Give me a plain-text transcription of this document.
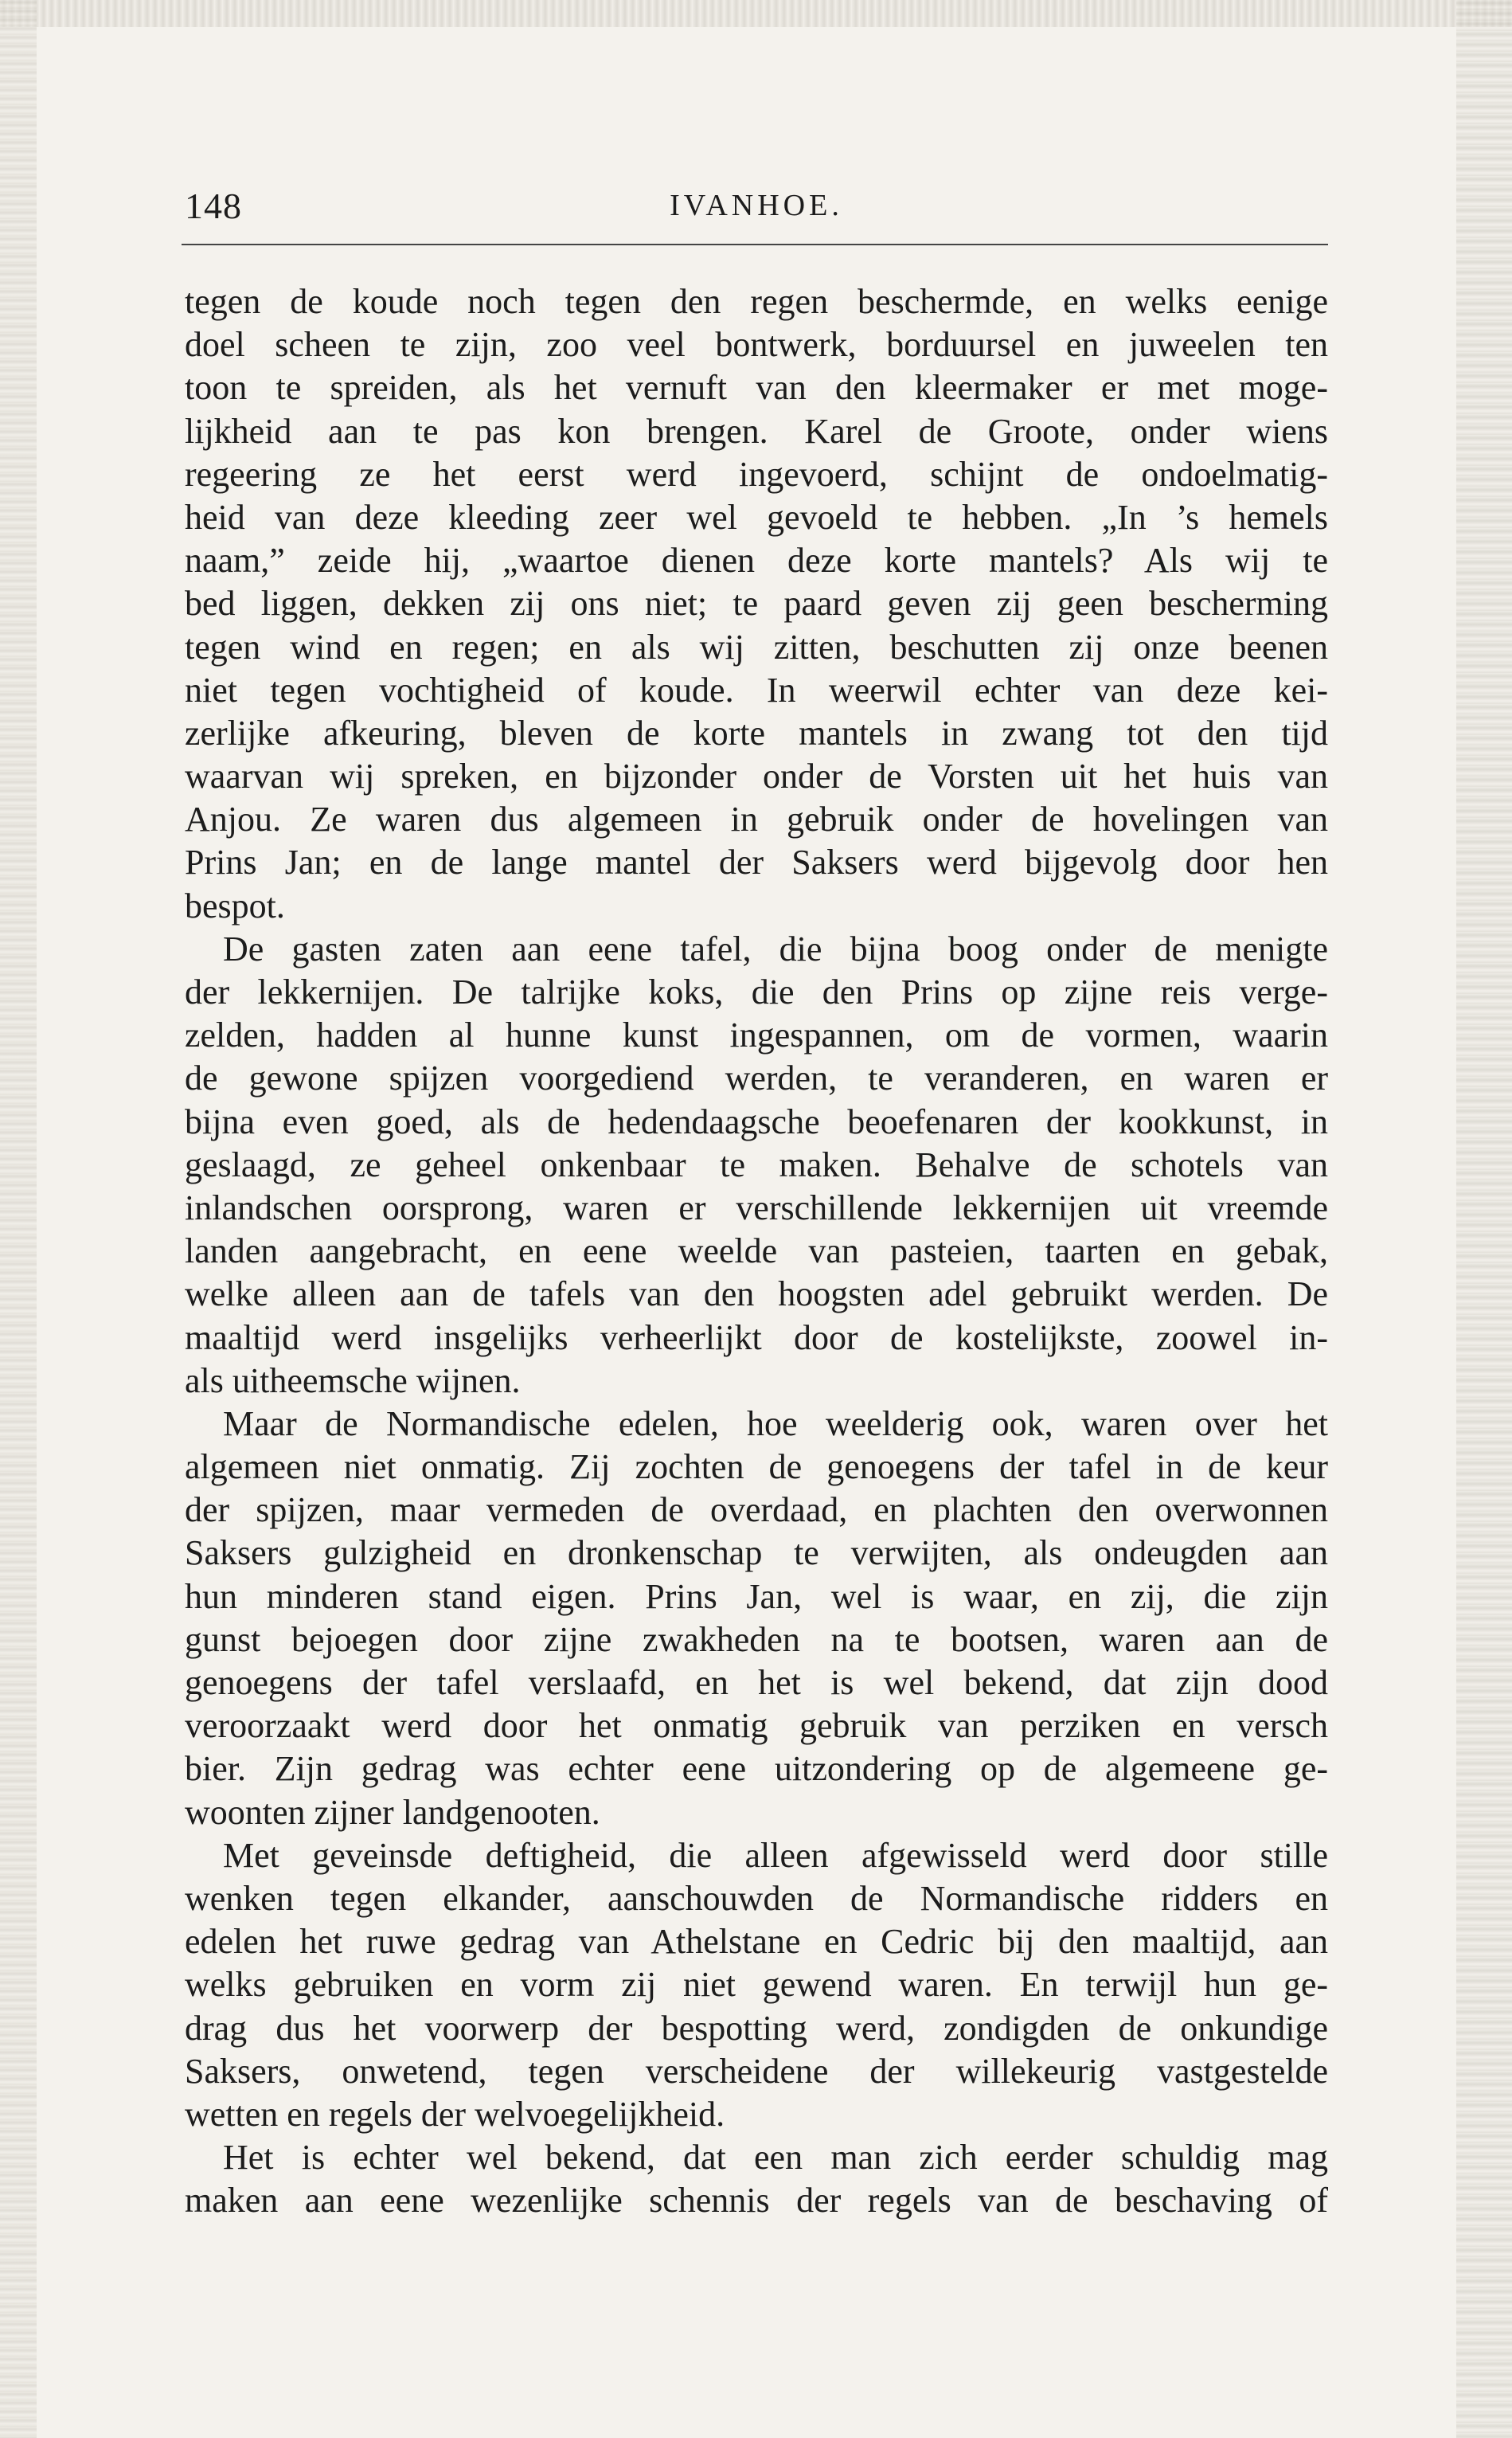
148	IVANHOE.
tegen de koude noch tegen den regen beschermde, en welks eenige
doel scheen te zijn, zoo veel bontwerk, borduursel en juweelen ten
toon te spreiden, als het vernuft van den kleermaker er met moge-
lijkheid aan te pas kon brengen. Karel de Groote, onder wiens
regeering ze het eerst werd ingevoerd, schijnt de ondoelmatig-
heid van deze kleeding zeer wel gevoeld te hebben. „In ’s hemels
naam,” zeide hij, „waartoe dienen deze korte mantels? Als wij te
bed liggen, dekken zij ons niet; te paard geven zij geen bescherming
tegen wind en regen; en als wij zitten, beschutten zij onze beenen
niet tegen vochtigheid of koude. In weerwil echter van deze kei-
zerlijke afkeuring, bleven de korte mantels in zwang tot den tijd
waarvan wij spreken, en bijzonder onder de Vorsten uit het huis van
Anjou. Ze waren dus algemeen in gebruik onder de hovelingen van
Prins Jan; en de lange mantel der Saksers werd bijgevolg door hen
bespot.
De gasten zaten aan eene tafel, die bijna boog onder de menigte
der lekkernijen. De talrijke koks, die den Prins op zijne reis verge-
zelden, hadden al hunne kunst ingespannen, om de vormen, waarin
de gewone spijzen voorgediend werden, te veranderen, en waren er
bijna even goed, als de hedendaagsche beoefenaren der kookkunst, in
geslaagd, ze geheel onkenbaar te maken. Behalve de schotels van
inlandschen oorsprong, waren er verschillende lekkernijen uit vreemde
landen aangebracht, en eene weelde van pasteien, taarten en gebak,
welke alleen aan de tafels van den hoogsten adel gebruikt werden. De
maaltijd werd insgelijks verheerlijkt door de kostelijkste, zoowel in-
als uitheemsche wijnen.
Maar de Normandische edelen, hoe weelderig ook, waren over het
algemeen niet onmatig. Zij zochten de genoegens der tafel in de keur
der spijzen, maar vermeden de overdaad, en plachten den overwonnen
Saksers gulzigheid en dronkenschap te verwijten, als ondeugden aan
hun minderen stand eigen. Prins Jan, wel is waar, en zij, die zijn
gunst bejoegen door zijne zwakheden na te bootsen, waren aan de
genoegens der tafel verslaafd, en het is wel bekend, dat zijn dood
veroorzaakt werd door het onmatig gebruik van perziken en versch
bier. Zijn gedrag was echter eene uitzondering op de algemeene ge-
woonten zijner landgenooten.
Met geveinsde deftigheid, die alleen afgewisseld werd door stille
wenken tegen elkander, aanschouwden de Normandische ridders en
edelen het ruwe gedrag van Athelstane en Cedric bij den maaltijd, aan
welks gebruiken en vorm zij niet gewend waren. En terwijl hun ge-
drag dus het voorwerp der bespotting werd, zondigden de onkundige
Saksers, onwetend, tegen verscheidene der willekeurig vastgestelde
wetten en regels der welvoegelijkheid.
Het is echter wel bekend, dat een man zich eerder schuldig mag
maken aan eene wezenlijke schennis der regels van de beschaving of
